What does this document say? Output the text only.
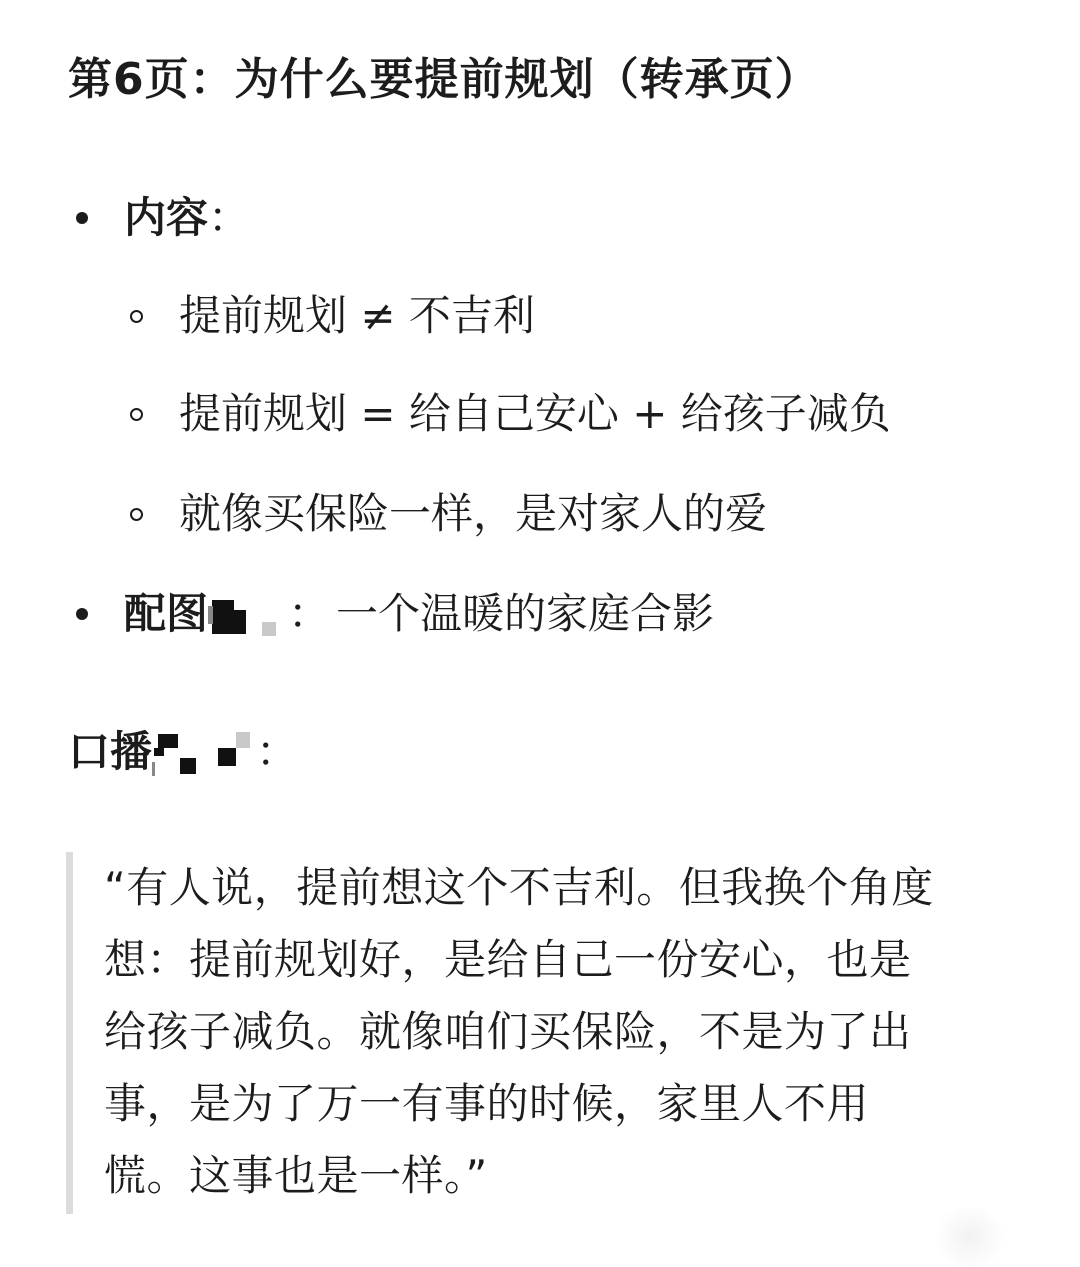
第6页：为什么要提前规划（转承页）
内容 ：
提前规划 ≠ 不吉利
提前规划 = 给自己安心 + 给孩子减负
就像买保险一样，是对家人的爱
配图 ： 一个温暖的家庭合影
口播 ：
“有人说，提前想这个不吉利。但我换个角度
想：提前规划好，是给自己一份安心，也是
给孩子减负。就像咱们买保险，不是为了出
事，是为了万一有事的时候，家里人不用
慌。这事也是一样。”
